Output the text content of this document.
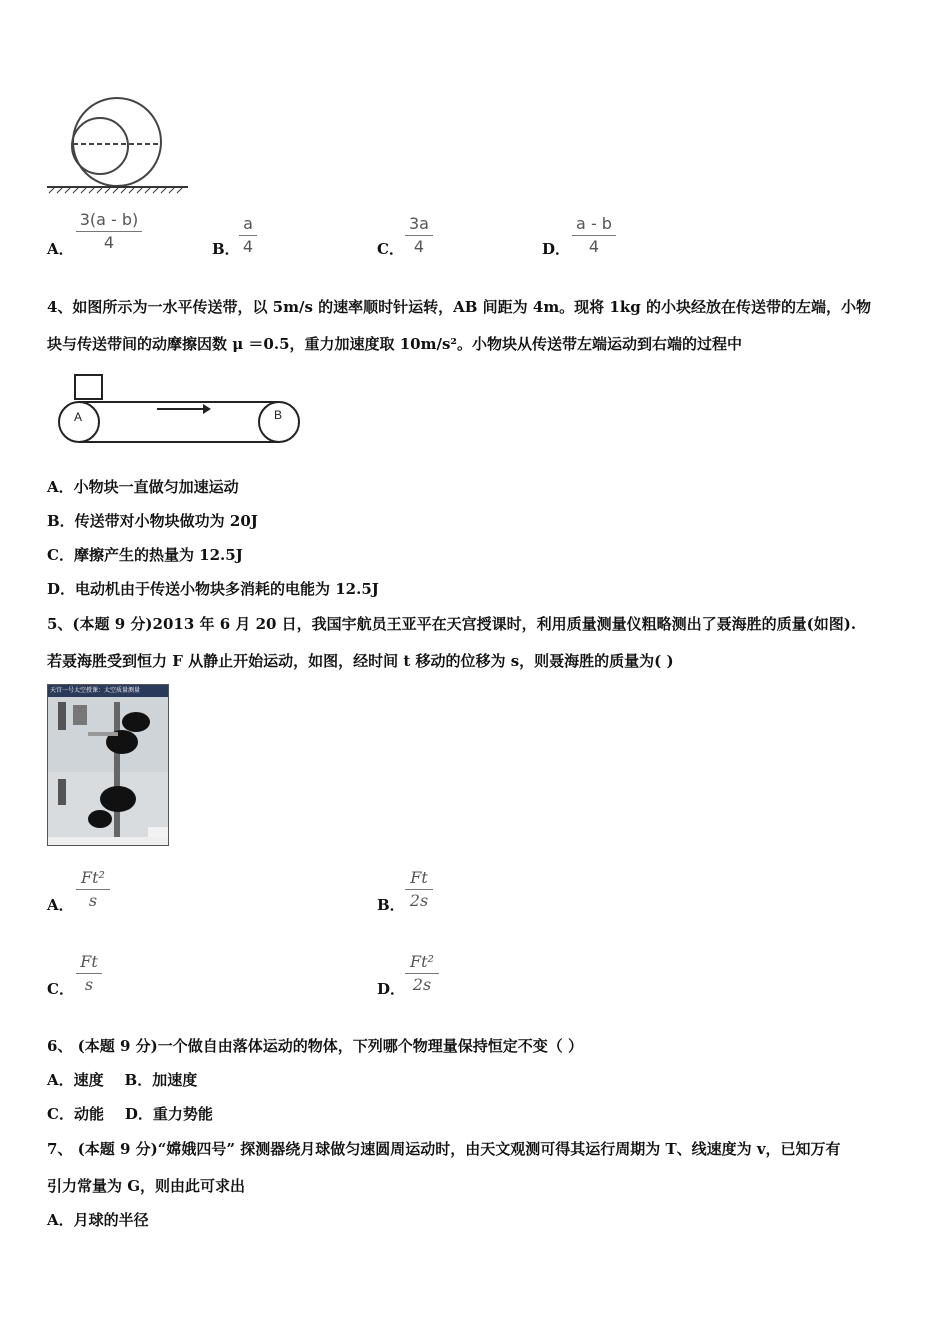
A．
3(a - b)
4	B．
a
4	C．
3a
4	D．
a - b
4
4、如图所示为一水平传送带，以 5m/s 的速率顺时针运转，AB 间距为 4m。现将 1kg 的小块经放在传送带的左端，小物
块与传送带间的动摩擦因数 μ ＝0.5，重力加速度取 10m/s²。小物块从传送带左端运动到右端的过程中
A	B
A．小物块一直做匀加速运动
B．传送带对小物块做功为 20J
C．摩擦产生的热量为 12.5J
D．电动机由于传送小物块多消耗的电能为 12.5J
5、(本题 9 分)2013 年 6 月 20 日，我国宇航员王亚平在天宫授课时，利用质量测量仪粗略测出了聂海胜的质量(如图).
若聂海胜受到恒力 F 从静止开始运动，如图，经时间 t 移动的位移为 s，则聂海胜的质量为( )
天宫一号太空授课：太空质量测量
A．
Ft²
s	B．
Ft
2s
C．
Ft
s	D．
Ft²
2s
6、 (本题 9 分)一个做自由落体运动的物体，下列哪个物理量保持恒定不变（ ）
A．速度    B．加速度
C．动能    D．重力势能
7、 (本题 9 分)“嫦娥四号” 探测器绕月球做匀速圆周运动时，由天文观测可得其运行周期为 T、线速度为 v，已知万有
引力常量为 G，则由此可求出
A．月球的半径
